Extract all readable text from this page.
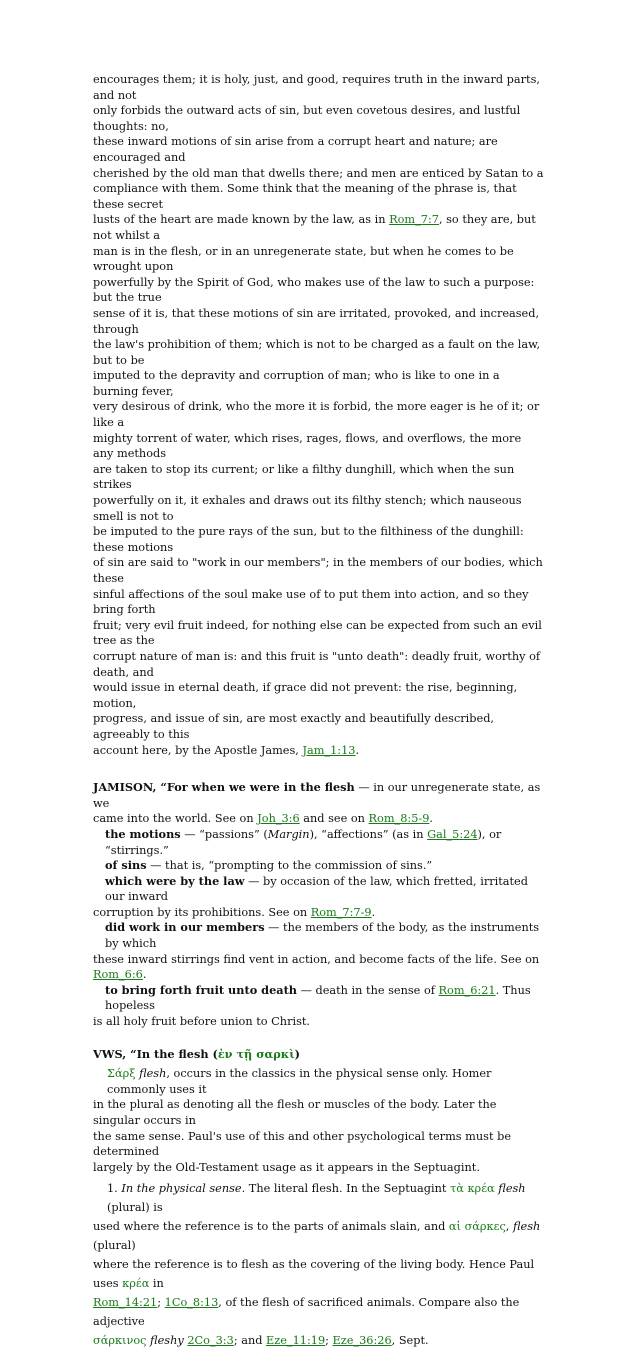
encourages them; it is holy, just, and good, requires truth in the inward parts, and not
only forbids the outward acts of sin, but even covetous desires, and lustful thoughts: no,
these inward motions of sin arise from a corrupt heart and nature; are encouraged and
cherished by the old man that dwells there; and men are enticed by Satan to a
compliance with them. Some think that the meaning of the phrase is, that these secret
lusts of the heart are made known by the law, as in Rom_7:7, so they are, but not whilst a
man is in the flesh, or in an unregenerate state, but when he comes to be wrought upon
powerfully by the Spirit of God, who makes use of the law to such a purpose: but the true
sense of it is, that these motions of sin are irritated, provoked, and increased, through
the law's prohibition of them; which is not to be charged as a fault on the law, but to be
imputed to the depravity and corruption of man; who is like to one in a burning fever,
very desirous of drink, who the more it is forbid, the more eager is he of it; or like a
mighty torrent of water, which rises, rages, flows, and overflows, the more any methods
are taken to stop its current; or like a filthy dunghill, which when the sun strikes
powerfully on it, it exhales and draws out its filthy stench; which nauseous smell is not to
be imputed to the pure rays of the sun, but to the filthiness of the dunghill: these motions
of sin are said to "work in our members"; in the members of our bodies, which these
sinful affections of the soul make use of to put them into action, and so they bring forth
fruit; very evil fruit indeed, for nothing else can be expected from such an evil tree as the
corrupt nature of man is: and this fruit is "unto death": deadly fruit, worthy of death, and
would issue in eternal death, if grace did not prevent: the rise, beginning, motion,
progress, and issue of sin, are most exactly and beautifully described, agreeably to this
account here, by the Apostle James, Jam_1:13.
JAMISON, “For when we were in the flesh — in our unregenerate state, as we
came into the world. See on Joh_3:6 and see on Rom_8:5-9.
the motions — “passions” (Margin), “affections” (as in Gal_5:24), or “stirrings.”
of sins — that is, “prompting to the commission of sins.”
which were by the law — by occasion of the law, which fretted, irritated our inward
corruption by its prohibitions. See on Rom_7:7-9.
did work in our members — the members of the body, as the instruments by which
these inward stirrings find vent in action, and become facts of the life. See on Rom_6:6.
to bring forth fruit unto death — death in the sense of Rom_6:21. Thus hopeless
is all holy fruit before union to Christ.
VWS, “In the flesh (ἐν τῇ σαρκὶ)
Σάρξ flesh, occurs in the classics in the physical sense only. Homer commonly uses it
in the plural as denoting all the flesh or muscles of the body. Later the singular occurs in
the same sense. Paul's use of this and other psychological terms must be determined
largely by the Old-Testament usage as it appears in the Septuagint.
1. In the physical sense. The literal flesh. In the Septuagint τὰ κρέα flesh (plural) is
used where the reference is to the parts of animals slain, and αἱ σάρκες, flesh (plural)
where the reference is to flesh as the covering of the living body. Hence Paul uses κρέα in
Rom_14:21; 1Co_8:13, of the flesh of sacrificed animals. Compare also the adjective
σάρκινος fleshy 2Co_3:3; and Eze_11:19; Eze_36:26, Sept.
